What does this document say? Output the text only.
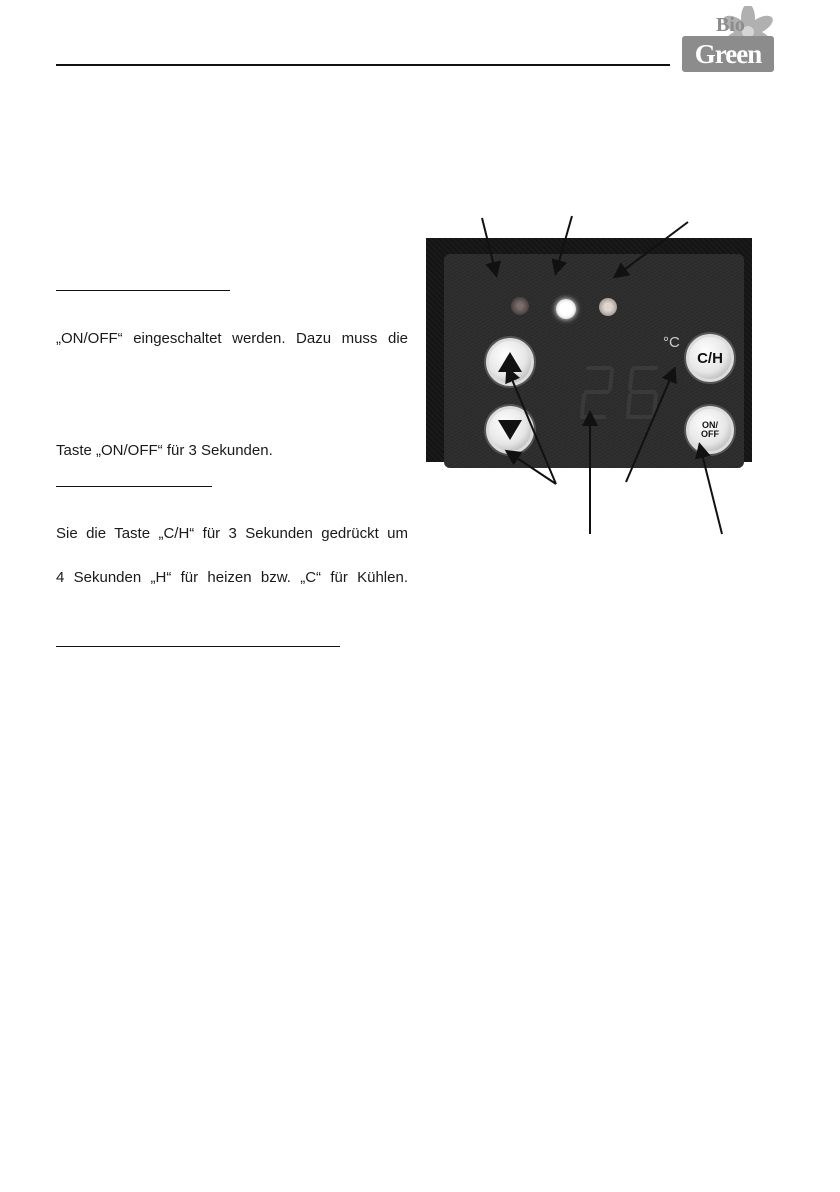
Bio
Green
„ON/OFF“ eingeschaltet werden. Dazu muss die
Taste „ON/OFF“ für 3 Sekunden.
Sie die Taste „C/H“ für 3 Sekunden gedrückt um
4 Sekunden „H“ für heizen bzw. „C“ für Kühlen.
°C
C/H
ON/
OFF
